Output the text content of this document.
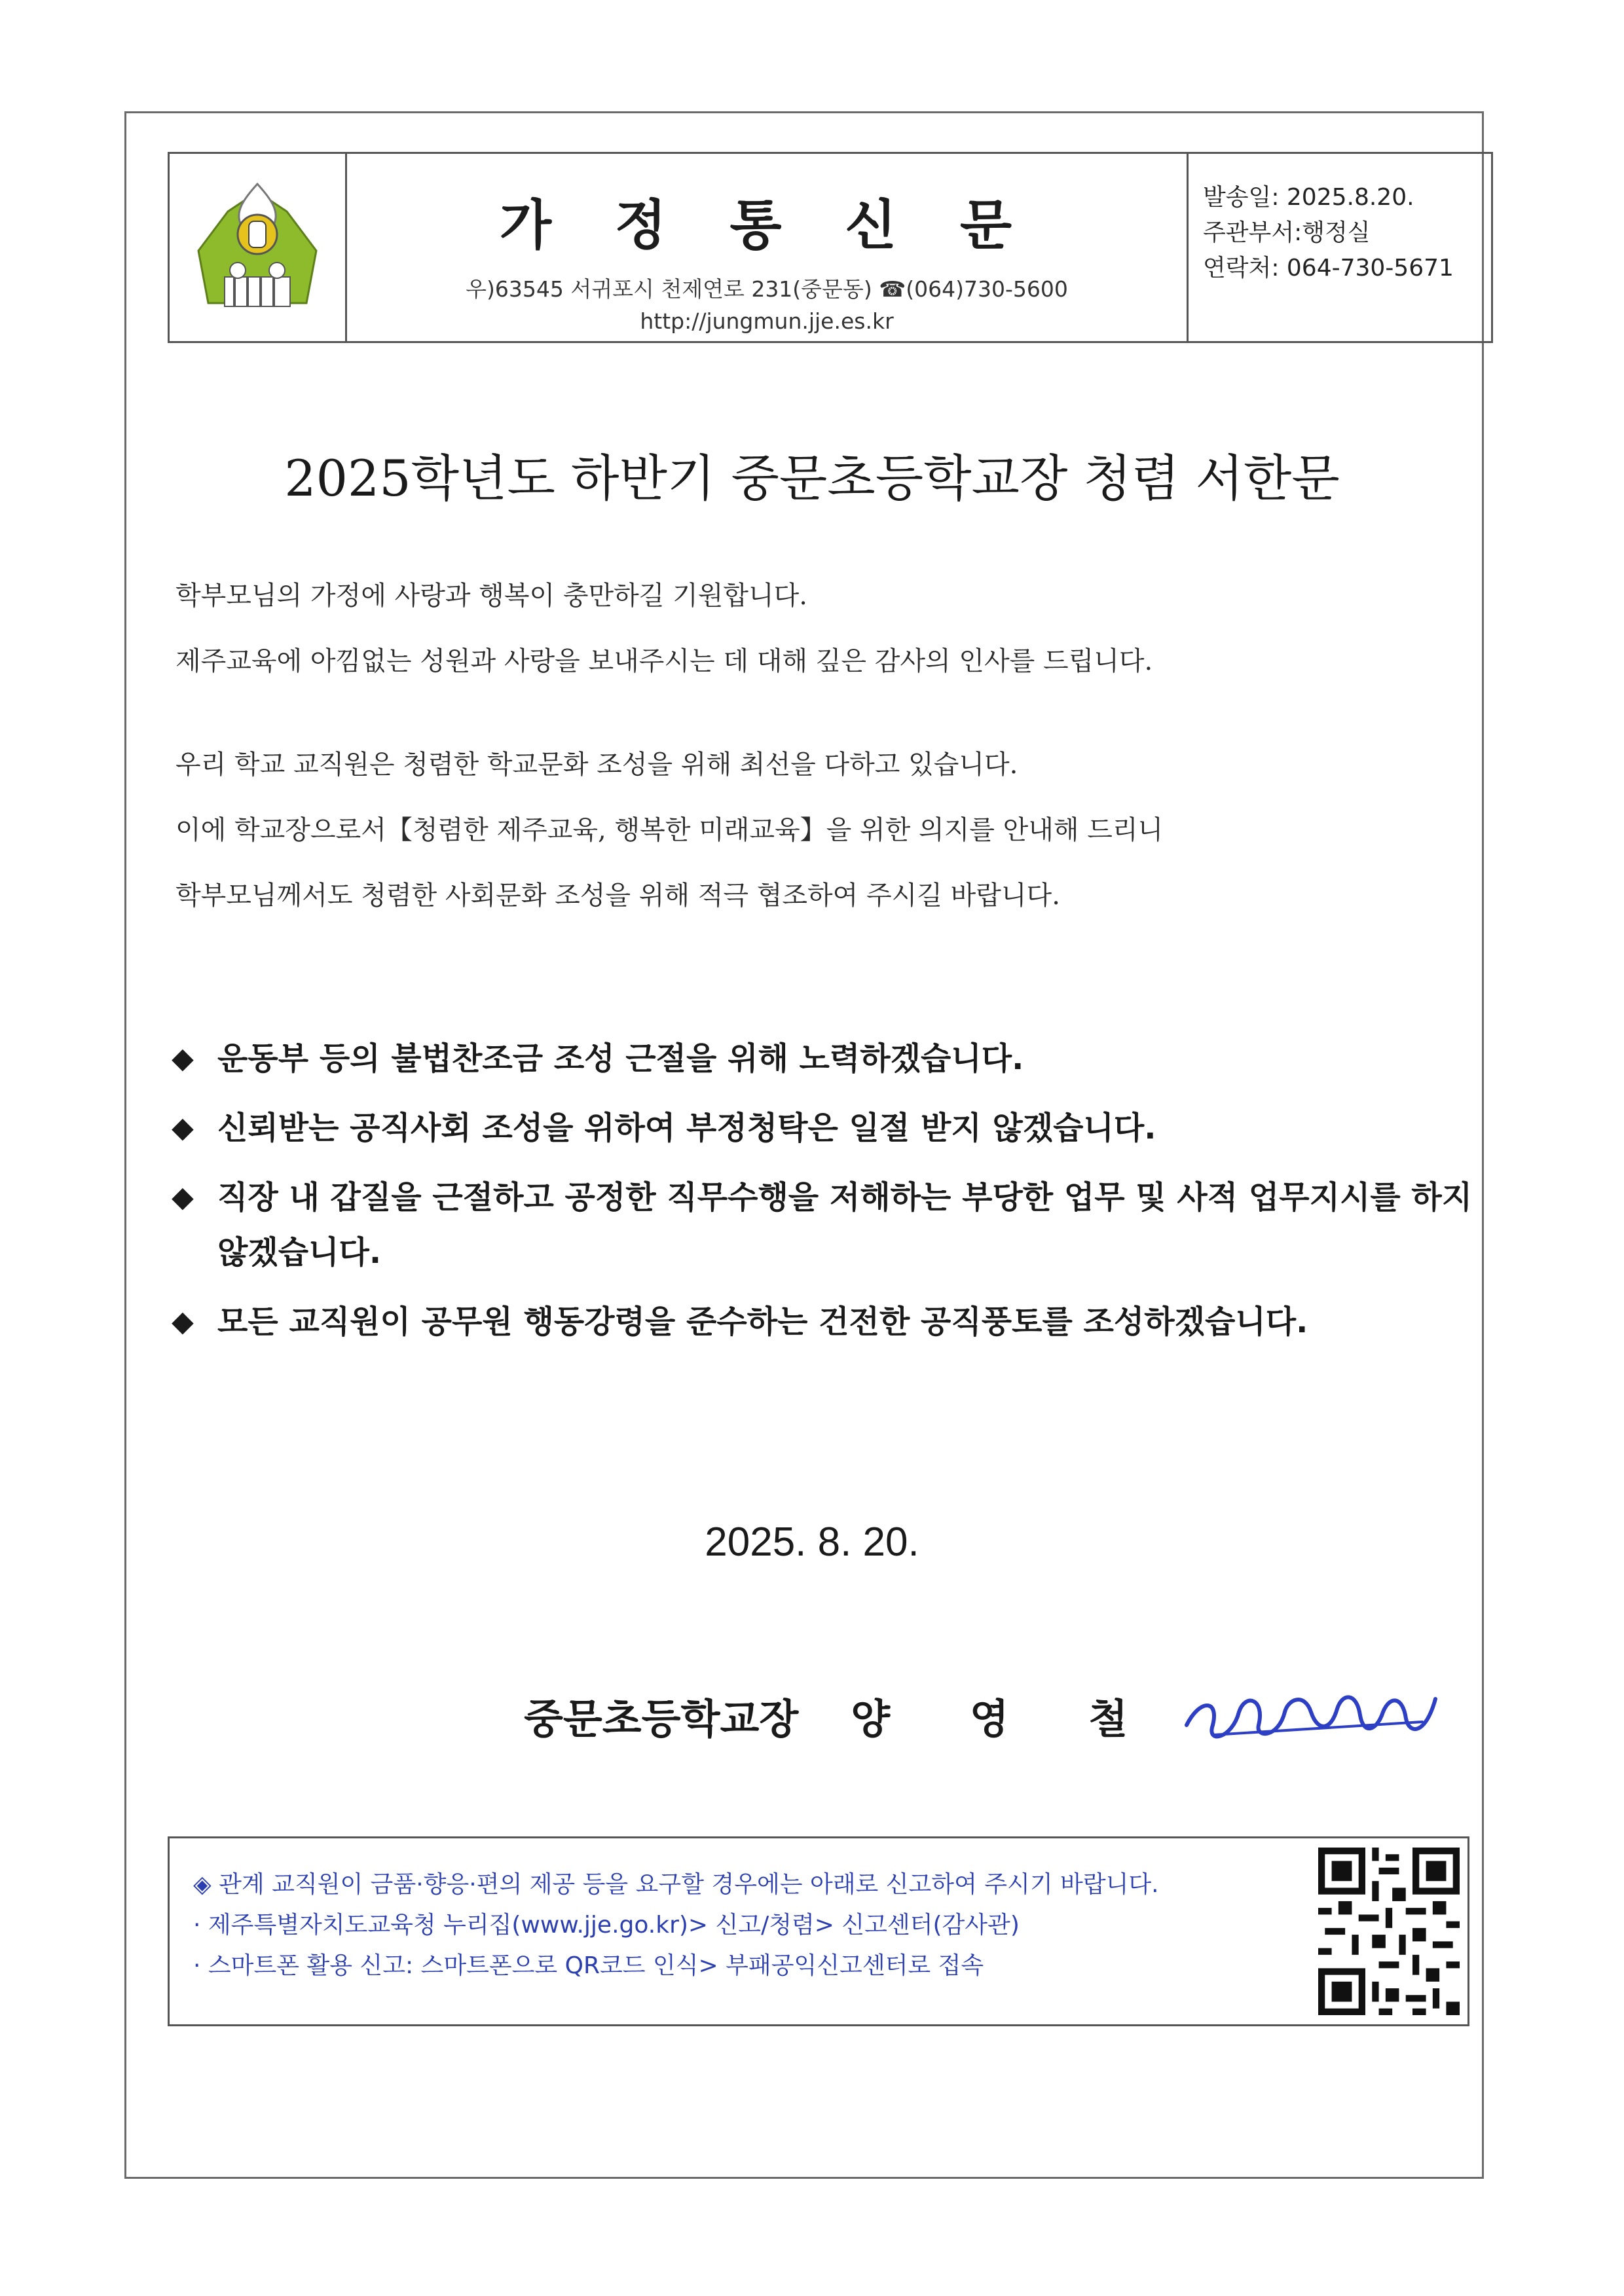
가 정 통 신 문
우)63545 서귀포시 천제연로 231(중문동) ☎(064)730-5600
http://jungmun.jje.es.kr
발송일: 2025.8.20.
주관부서:행정실
연락처: 064-730-5671
2025학년도 하반기 중문초등학교장 청렴 서한문
학부모님의 가정에 사랑과 행복이 충만하길 기원합니다.
제주교육에 아낌없는 성원과 사랑을 보내주시는 데 대해 깊은 감사의 인사를 드립니다.
우리 학교 교직원은 청렴한 학교문화 조성을 위해 최선을 다하고 있습니다.
이에 학교장으로서【청렴한 제주교육, 행복한 미래교육】을 위한 의지를 안내해 드리니
학부모님께서도 청렴한 사회문화 조성을 위해 적극 협조하여 주시길 바랍니다.
◆ 운동부 등의 불법찬조금 조성 근절을 위해 노력하겠습니다.
◆ 신뢰받는 공직사회 조성을 위하여 부정청탁은 일절 받지 않겠습니다.
◆ 직장 내 갑질을 근절하고 공정한 직무수행을 저해하는 부당한 업무 및 사적 업무지시를 하지 않겠습니다.
◆ 모든 교직원이 공무원 행동강령을 준수하는 건전한 공직풍토를 조성하겠습니다.
2025. 8. 20.
중문초등학교장 양 영 철
◈ 관계 교직원이 금품·향응·편의 제공 등을 요구할 경우에는 아래로 신고하여 주시기 바랍니다.
· 제주특별자치도교육청 누리집(www.jje.go.kr)> 신고/청렴> 신고센터(감사관)
· 스마트폰 활용 신고: 스마트폰으로 QR코드 인식> 부패공익신고센터로 접속
